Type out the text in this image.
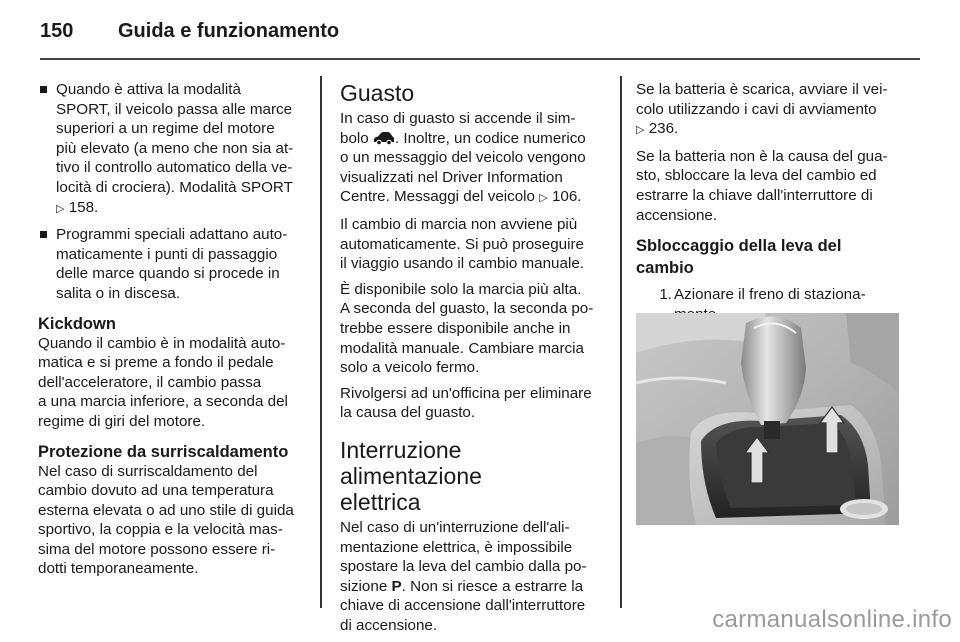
150 Guida e funzionamento
Quando è attiva la modalità
SPORT, il veicolo passa alle marce
superiori a un regime del motore
più elevato (a meno che non sia at-
tivo il controllo automatico della ve-
locità di crociera). Modalità SPORT
▷ 158.
Programmi speciali adattano auto-
maticamente i punti di passaggio
delle marce quando si procede in
salita o in discesa.
Kickdown
Quando il cambio è in modalità auto-
matica e si preme a fondo il pedale
dell'acceleratore, il cambio passa
a una marcia inferiore, a seconda del
regime di giri del motore.
Protezione da surriscaldamento
Nel caso di surriscaldamento del
cambio dovuto ad una temperatura
esterna elevata o ad uno stile di guida
sportivo, la coppia e la velocità mas-
sima del motore possono essere ri-
dotti temporaneamente.
Guasto
In caso di guasto si accende il sim-
bolo . Inoltre, un codice numerico
o un messaggio del veicolo vengono
visualizzati nel Driver Information
Centre. Messaggi del veicolo ▷ 106.
Il cambio di marcia non avviene più
automaticamente. Si può proseguire
il viaggio usando il cambio manuale.
È disponibile solo la marcia più alta.
A seconda del guasto, la seconda po-
trebbe essere disponibile anche in
modalità manuale. Cambiare marcia
solo a veicolo fermo.
Rivolgersi ad un'officina per eliminare
la causa del guasto.
Interruzione alimentazione
elettrica
Nel caso di un'interruzione dell'ali-
mentazione elettrica, è impossibile
spostare la leva del cambio dalla po-
sizione P. Non si riesce a estrarre la
chiave di accensione dall'interruttore
di accensione.
Se la batteria è scarica, avviare il vei-
colo utilizzando i cavi di avviamento
▷ 236.
Se la batteria non è la causa del gua-
sto, sbloccare la leva del cambio ed
estrarre la chiave dall'interruttore di
accensione.
Sbloccaggio della leva del
cambio
1. Azionare il freno di staziona-

carmanualsonline.info
